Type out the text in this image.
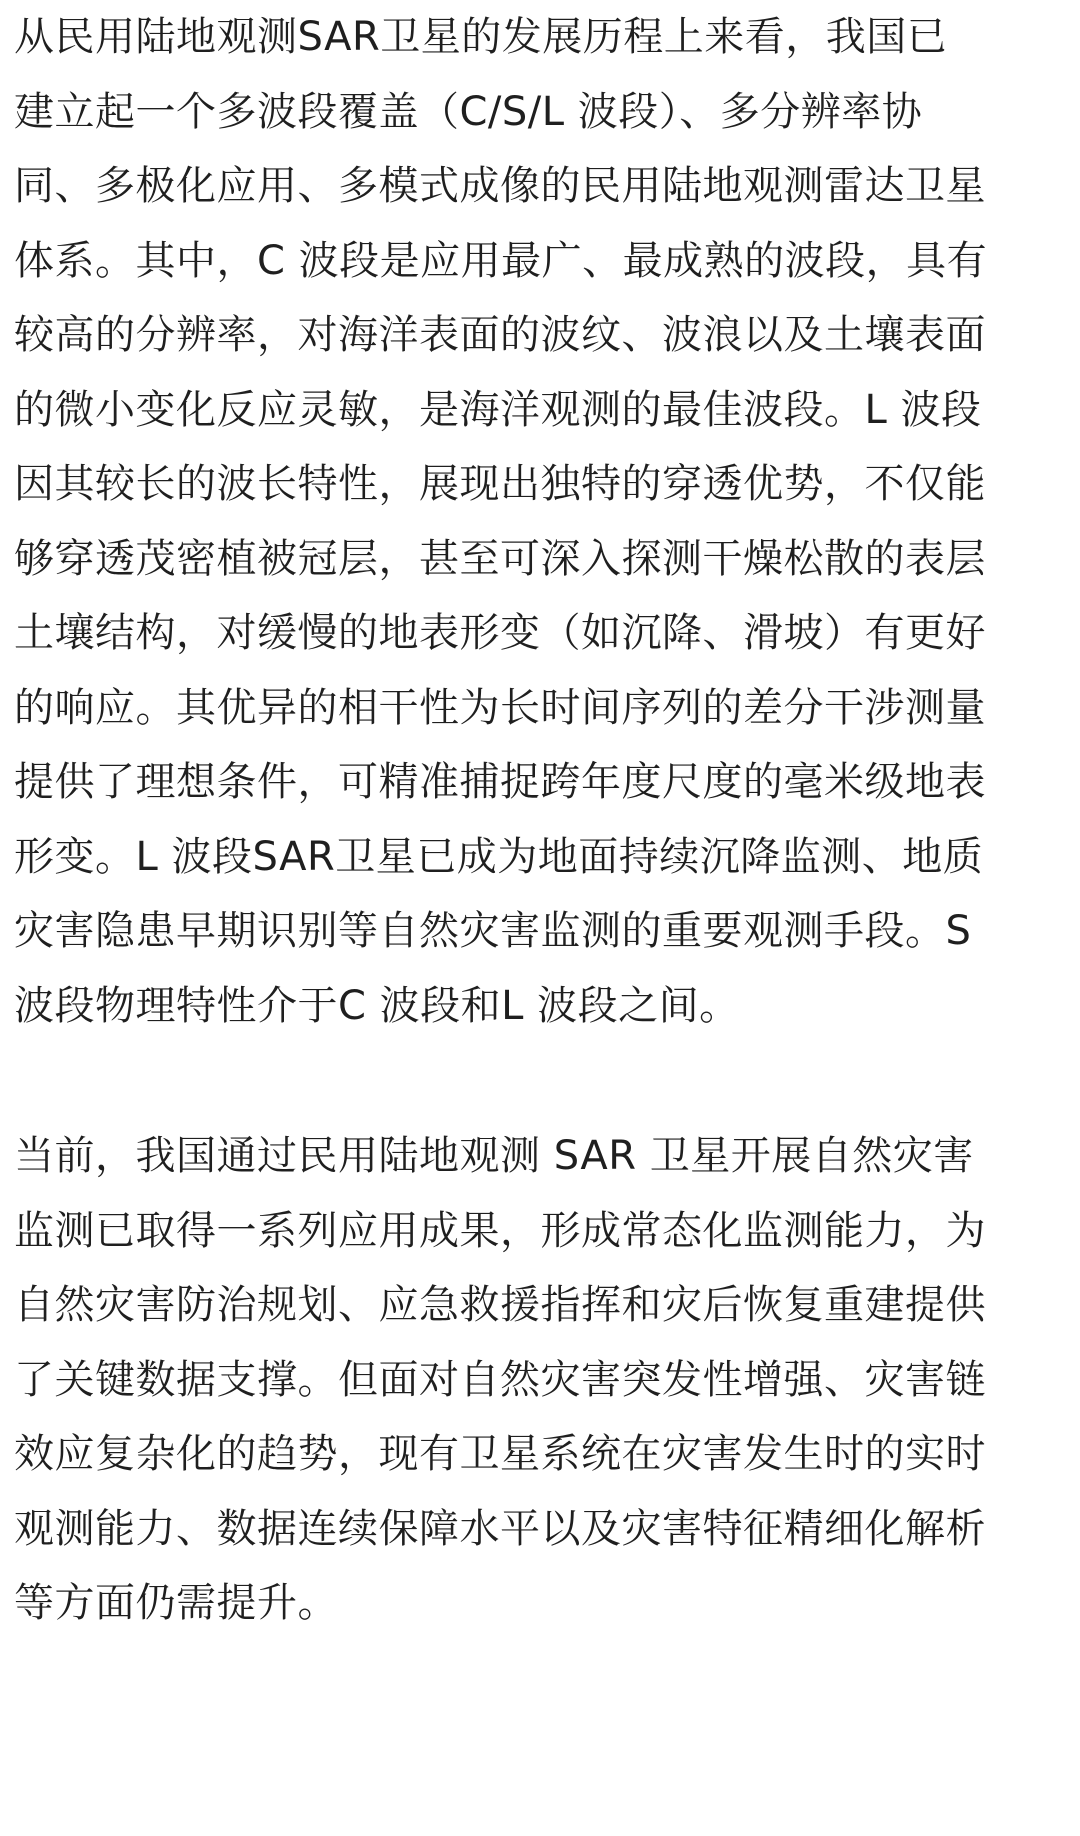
从民用陆地观测SAR卫星的发展历程上来看，我国已
建立起一个多波段覆盖（C/S/L 波段）、多分辨率协
同、多极化应用、多模式成像的民用陆地观测雷达卫星
体系。其中，C 波段是应用最广、最成熟的波段，具有
较高的分辨率，对海洋表面的波纹、波浪以及土壤表面
的微小变化反应灵敏，是海洋观测的最佳波段。L 波段
因其较长的波长特性，展现出独特的穿透优势，不仅能
够穿透茂密植被冠层，甚至可深入探测干燥松散的表层
土壤结构，对缓慢的地表形变（如沉降、滑坡）有更好
的响应。其优异的相干性为长时间序列的差分干涉测量
提供了理想条件，可精准捕捉跨年度尺度的毫米级地表
形变。L 波段SAR卫星已成为地面持续沉降监测、地质
灾害隐患早期识别等自然灾害监测的重要观测手段。S
波段物理特性介于C 波段和L 波段之间。
当前，我国通过民用陆地观测 SAR 卫星开展自然灾害
监测已取得一系列应用成果，形成常态化监测能力，为
自然灾害防治规划、应急救援指挥和灾后恢复重建提供
了关键数据支撑。但面对自然灾害突发性增强、灾害链
效应复杂化的趋势，现有卫星系统在灾害发生时的实时
观测能力、数据连续保障水平以及灾害特征精细化解析
等方面仍需提升。
